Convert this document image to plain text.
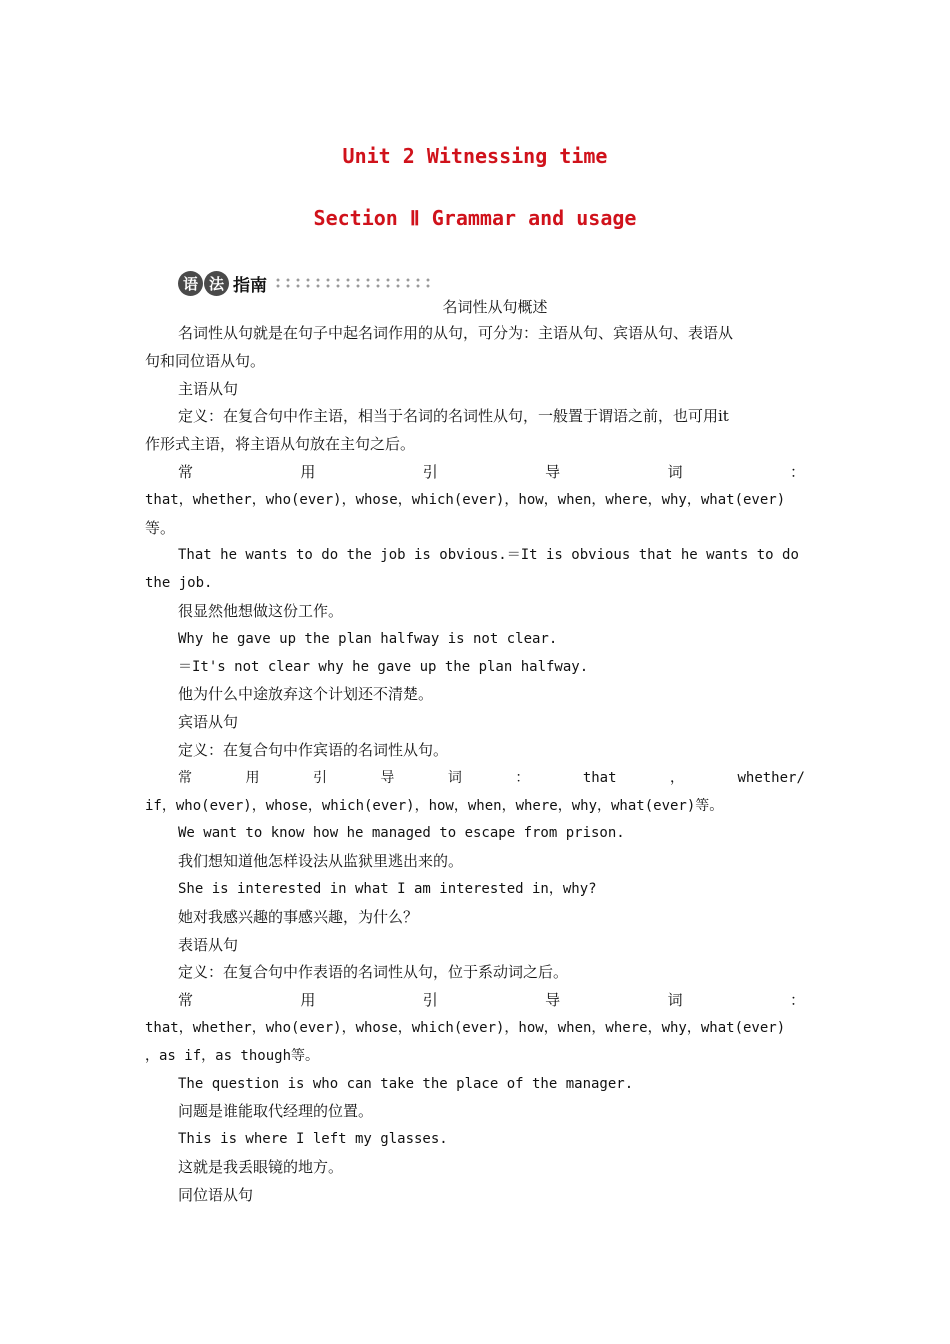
Unit 2 Witnessing time
Section Ⅱ Grammar and usage
语 法 指南
名词性从句概述

名词性从句就是在句子中起名词作用的从句，可分为：主语从句、宾语从句、表语从

句和同位语从句。

主语从句

定义：在复合句中作主语，相当于名词的名词性从句，一般置于谓语之前，也可用it

作形式主语，将主语从句放在主句之后。

常	用	引	导	词	：

that，whether，who(ever)，whose，which(ever)，how，when，where，why，what(ever)

等。

That he wants to do the job is obvious.＝It is obvious that he wants to do

the job.

很显然他想做这份工作。

Why he gave up the plan halfway is not clear.

＝It's not clear why he gave up the plan halfway.

他为什么中途放弃这个计划还不清楚。

宾语从句

定义：在复合句中作宾语的名词性从句。

常	用	引	导	词	：	that	，	whether/

if，who(ever)，whose，which(ever)，how，when，where，why，what(ever)等。

We want to know how he managed to escape from prison.

我们想知道他怎样设法从监狱里逃出来的。

She is interested in what I am interested in，why?

她对我感兴趣的事感兴趣，为什么？

表语从句

定义：在复合句中作表语的名词性从句，位于系动词之后。

常	用	引	导	词	：

that，whether，who(ever)，whose，which(ever)，how，when，where，why，what(ever)

，as if，as though等。

The question is who can take the place of the manager.

问题是谁能取代经理的位置。

This is where I left my glasses.

这就是我丢眼镜的地方。

同位语从句
